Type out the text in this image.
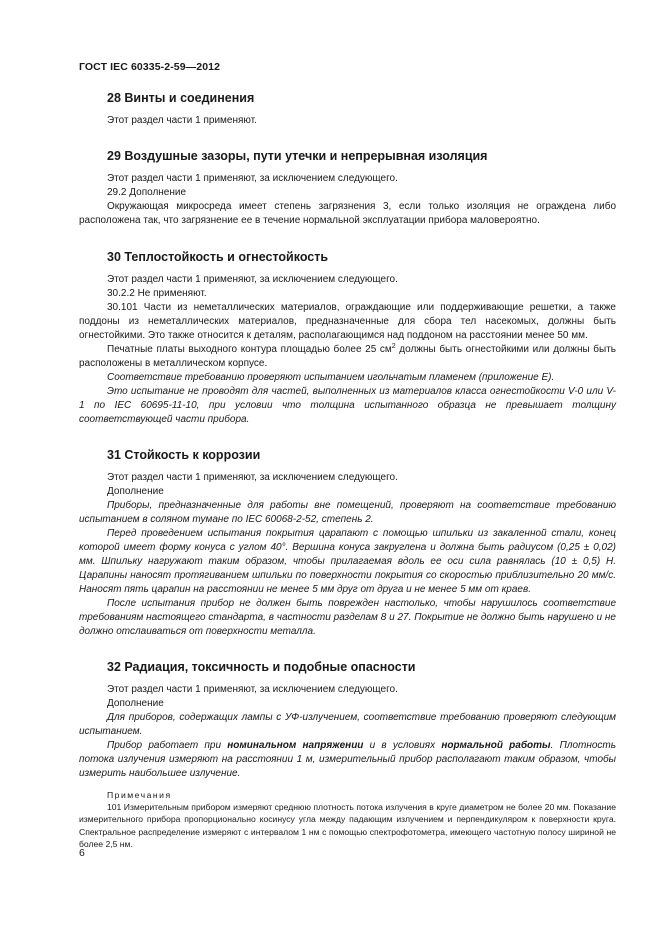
ГОСТ IEC 60335-2-59—2012
28 Винты и соединения

Этот раздел части 1 применяют.

29 Воздушные зазоры, пути утечки и непрерывная изоляция

Этот раздел части 1 применяют, за исключением следующего.

29.2 Дополнение

Окружающая микросреда имеет степень загрязнения 3, если только изоляция не ограждена либо расположена так, что загрязнение ее в течение нормальной эксплуатации прибора маловероятно.

30 Теплостойкость и огнестойкость

Этот раздел части 1 применяют, за исключением следующего.

30.2.2 Не применяют.

30.101 Части из неметаллических материалов, ограждающие или поддерживающие решетки, а также поддоны из неметаллических материалов, предназначенные для сбора тел насекомых, должны быть огнестойкими. Это также относится к деталям, располагающимся над поддоном на расстоянии менее 50 мм.

Печатные платы выходного контура площадью более 25 $см^2$ должны быть огнестойкими или должны быть расположены в металлическом корпусе.

Соответствие требованию проверяют испытанием игольчатым пламенем (приложение Е).

Это испытание не проводят для частей, выполненных из материалов класса огнестойкости V-0 или V-1 по IEC 60695-11-10, при условии что толщина испытанного образца не превышает толщину соответствующей части прибора.

31 Стойкость к коррозии

Этот раздел части 1 применяют, за исключением следующего.

Дополнение

Приборы, предназначенные для работы вне помещений, проверяют на соответствие требованию испытанием в соляном тумане по IEC 60068-2-52, степень 2.

Перед проведением испытания покрытия царапают с помощью шпильки из закаленной стали, конец которой имеет форму конуса с углом 40°. Вершина конуса закруглена и должна быть радиусом (0,25 ± 0,02) мм. Шпильку нагружают таким образом, чтобы прилагаемая вдоль ее оси сила равнялась (10 ± 0,5) Н. Царапины наносят протягиванием шпильки по поверхности покрытия со скоростью приблизительно 20 мм/с. Наносят пять царапин на расстоянии не менее 5 мм друг от друга и не менее 5 мм от краев.

После испытания прибор не должен быть поврежден настолько, чтобы нарушилось соответствие требованиям настоящего стандарта, в частности разделам 8 и 27. Покрытие не должно быть нарушено и не должно отслаиваться от поверхности металла.

32 Радиация, токсичность и подобные опасности

Этот раздел части 1 применяют, за исключением следующего.

Дополнение

Для приборов, содержащих лампы с УФ-излучением, соответствие требованию проверяют следующим испытанием.

Прибор работает при номинальном напряжении и в условиях нормальной работы. Плотность потока излучения измеряют на расстоянии 1 м, измерительный прибор располагают таким образом, чтобы измерить наибольшее излучение.

Примечания

101 Измерительным прибором измеряют среднюю плотность потока излучения в круге диаметром не более 20 мм. Показание измерительного прибора пропорционально косинусу угла между падающим излучением и перпендикуляром к поверхности круга. Спектральное распределение измеряют с интервалом 1 нм с помощью спектрофотометра, имеющего частотную полосу шириной не более 2,5 нм.

6
